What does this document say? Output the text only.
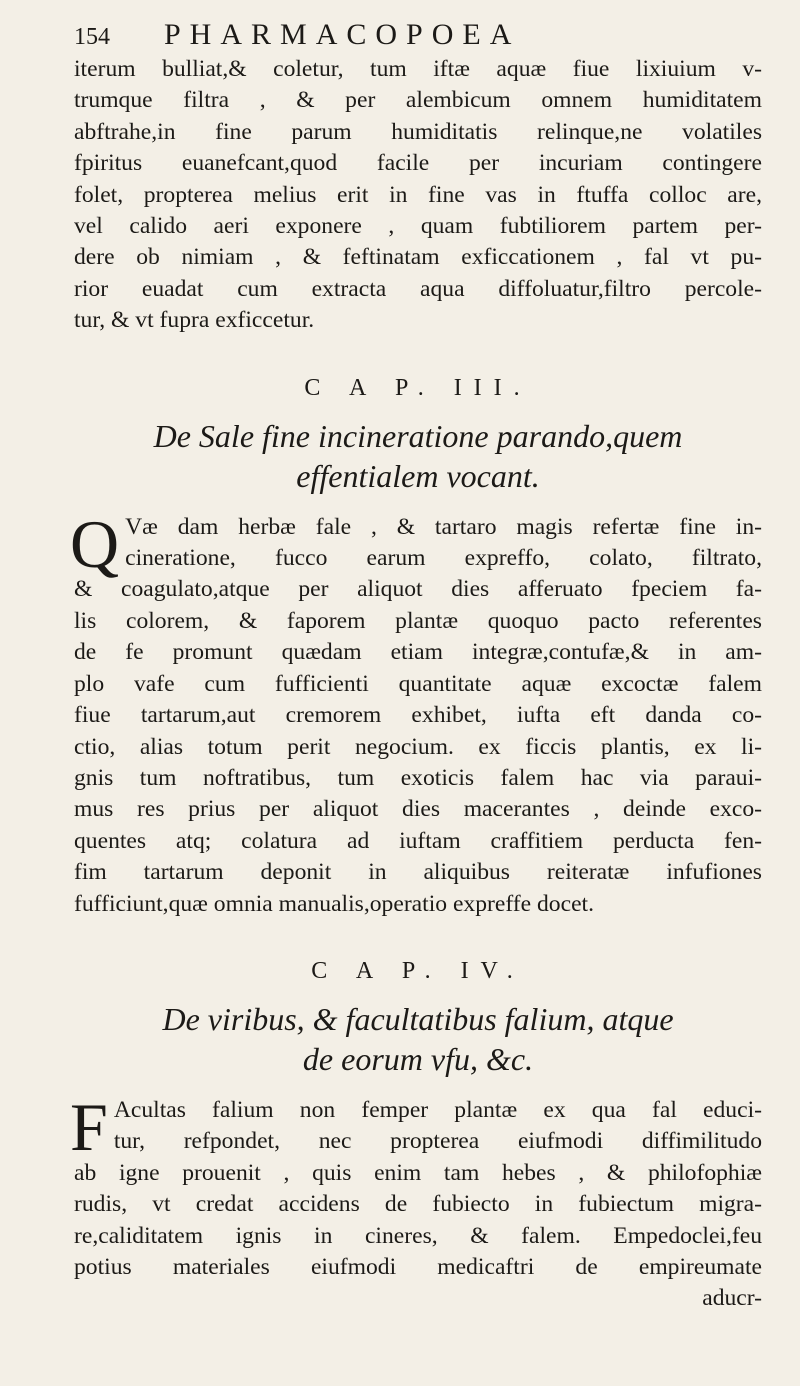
154	PHARMACOPOEA
iterum bulliat,& coletur, tum iftæ aquæ fiue lixiuium v-
trumque filtra , & per alembicum omnem humiditatem
abftrahe,in fine parum humiditatis relinque,ne volatiles
fpiritus euanefcant,quod facile per incuriam contingere
folet, propterea melius erit in fine vas in ftuffa colloc are,
vel calido aeri exponere , quam fubtiliorem partem per-
dere ob nimiam , & feftinatam exficcationem , fal vt pu-
rior euadat cum extracta aqua diffoluatur,filtro percole-
tur, & vt fupra exficcetur.
C A P. III.
De Sale fine incineratione parando,quem
effentialem vocant.
Q Væ dam herbæ fale , & tartaro magis refertæ fine in-
cineratione, fucco earum expreffo, colato, filtrato,
& coagulato,atque per aliquot dies afferuato fpeciem fa-
lis colorem, & faporem plantæ quoquo pacto referentes
de fe promunt quædam etiam integræ,contufæ,& in am-
plo vafe cum fufficienti quantitate aquæ excoctæ falem
fiue tartarum,aut cremorem exhibet, iufta eft danda co-
ctio, alias totum perit negocium. ex ficcis plantis, ex li-
gnis tum noftratibus, tum exoticis falem hac via paraui-
mus res prius per aliquot dies macerantes , deinde exco-
quentes atq; colatura ad iuftam craffitiem perducta fen-
fim tartarum deponit in aliquibus reiteratæ infufiones
fufficiunt,quæ omnia manualis,operatio expreffe docet.
C A P. IV.
De viribus, & facultatibus falium, atque
de eorum vfu, &c.
F Acultas falium non femper plantæ ex qua fal educi-
tur, refpondet, nec propterea eiufmodi diffimilitudo
ab igne prouenit , quis enim tam hebes , & philofophiæ
rudis, vt credat accidens de fubiecto in fubiectum migra-
re,caliditatem ignis in cineres, & falem. Empedoclei,feu
potius materiales eiufmodi medicaftri de empireumate
aducr-
